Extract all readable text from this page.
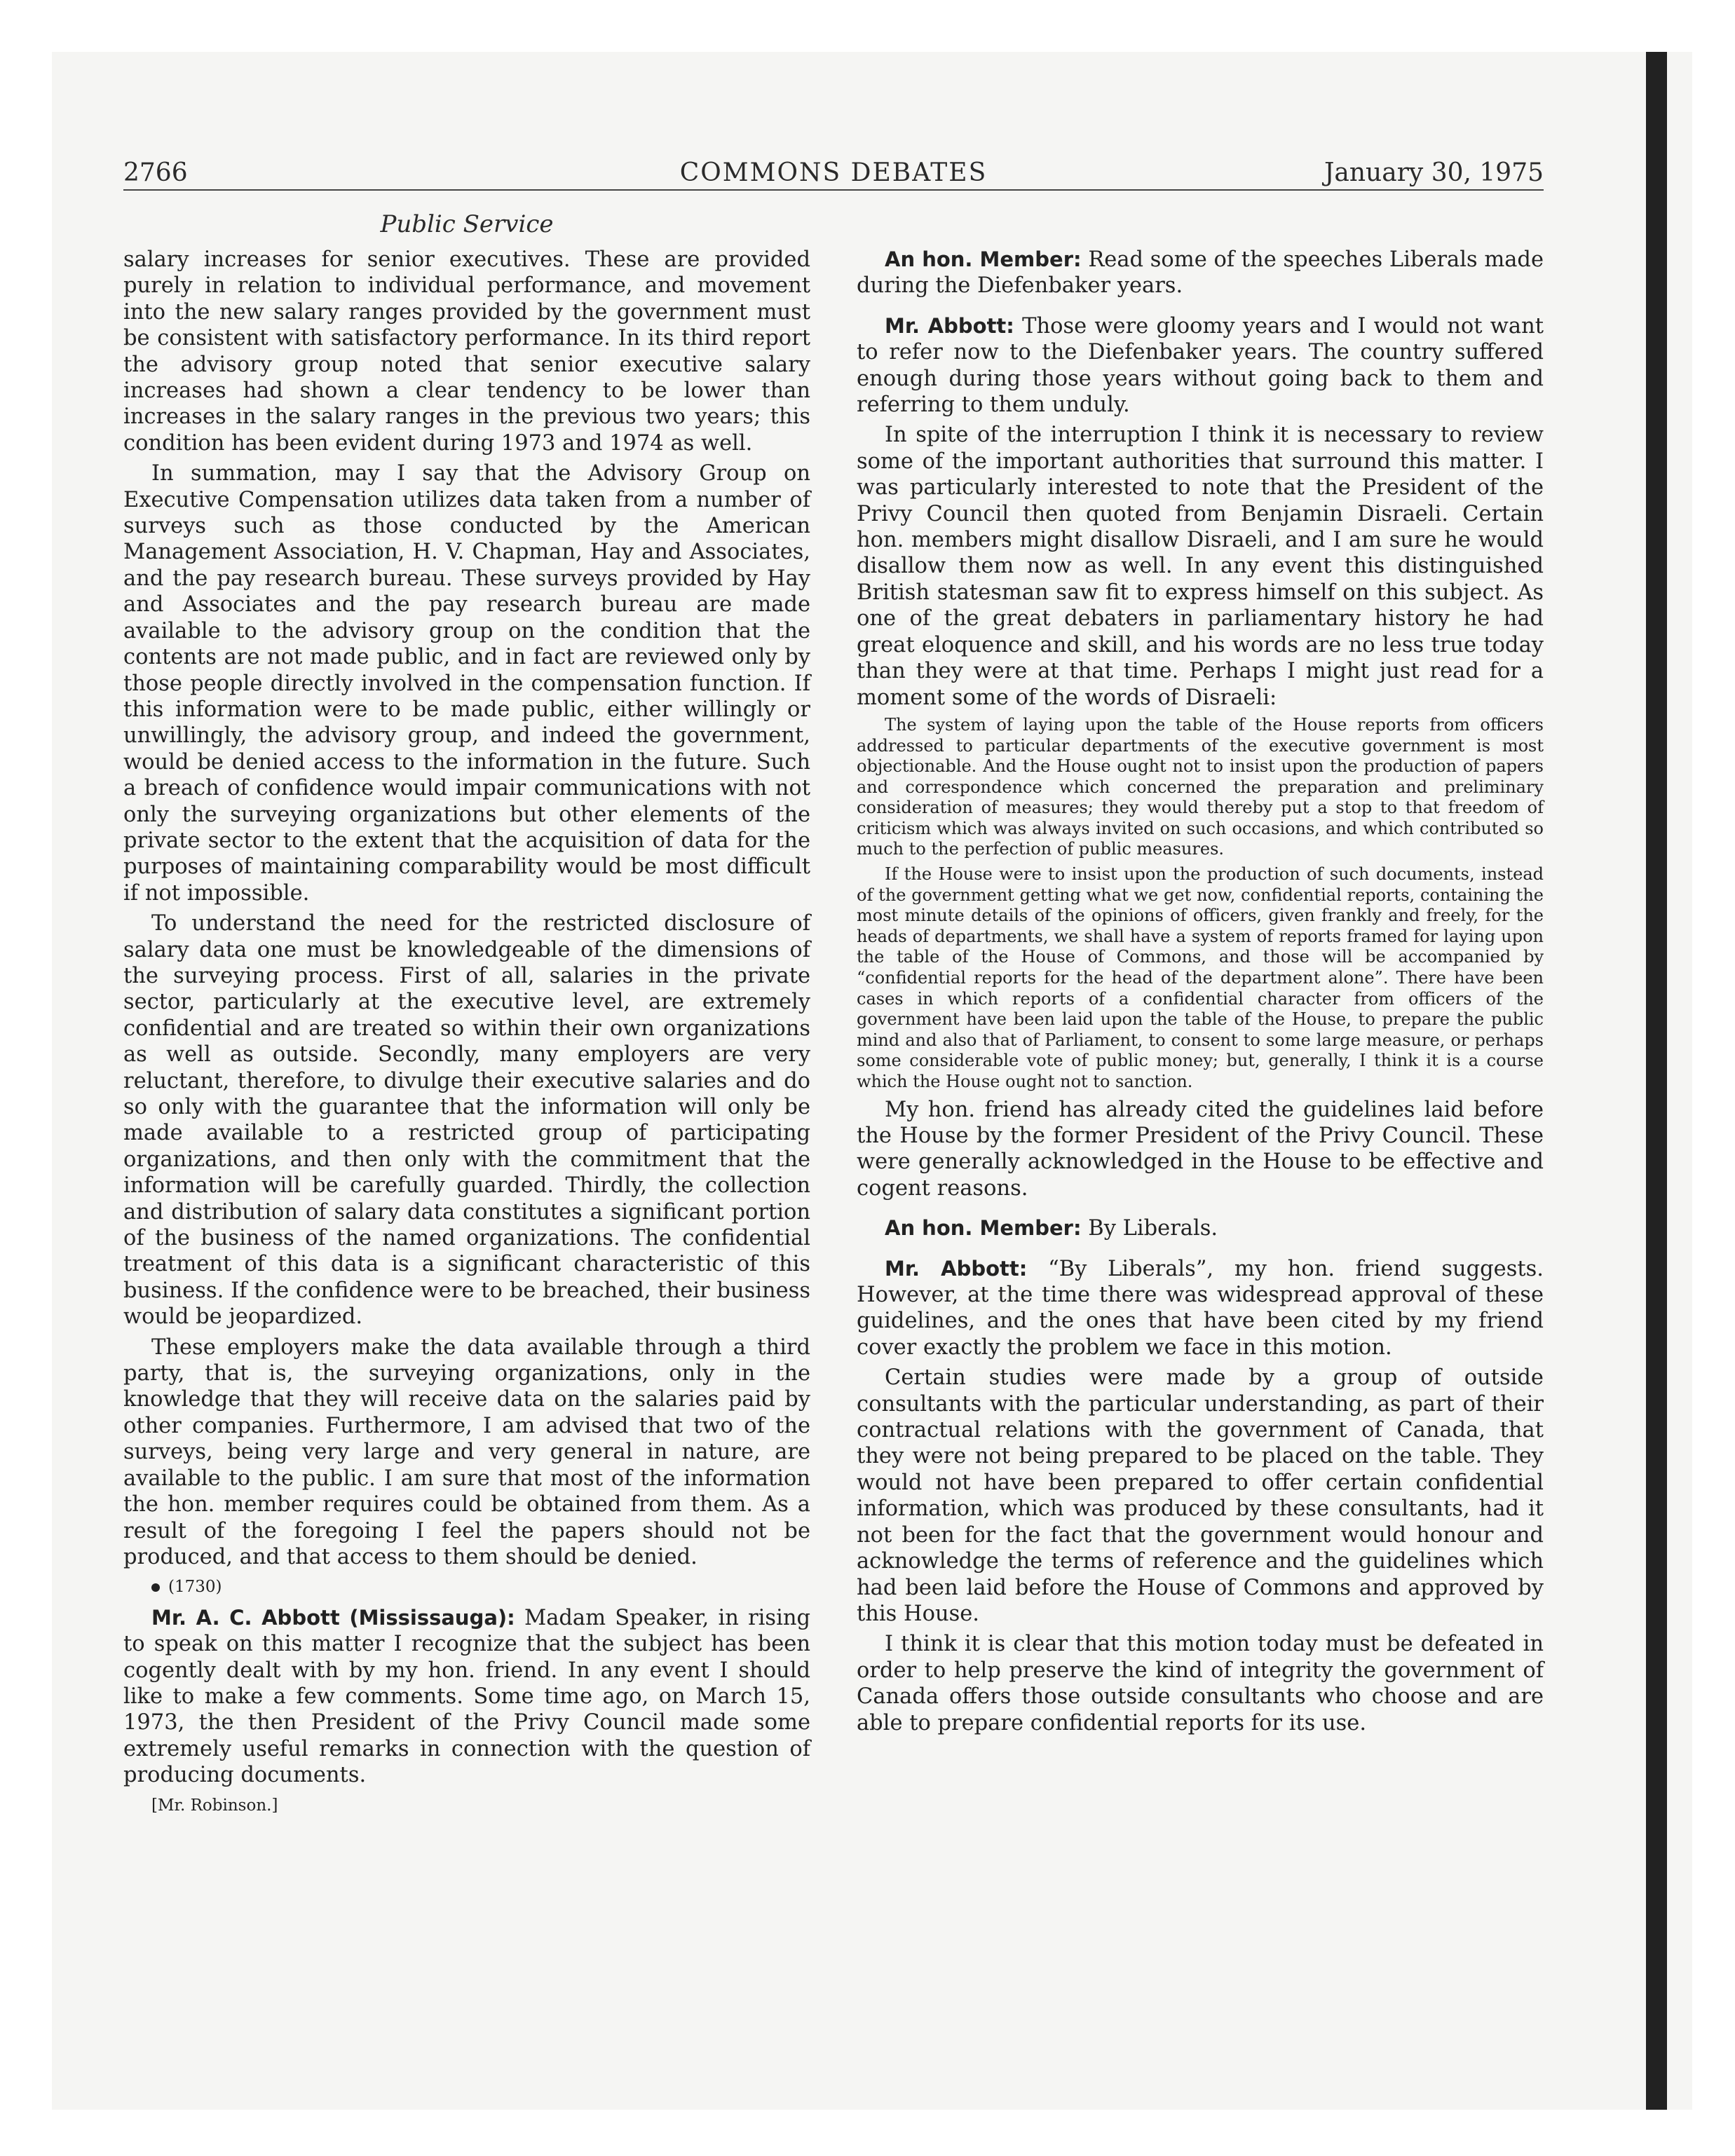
2766	COMMONS DEBATES	January 30, 1975
Public Service

salary increases for senior executives. These are provided purely in relation to individual performance, and movement into the new salary ranges provided by the government must be consistent with satisfactory performance. In its third report the advisory group noted that senior executive salary increases had shown a clear tendency to be lower than increases in the salary ranges in the previous two years; this condition has been evident during 1973 and 1974 as well.

In summation, may I say that the Advisory Group on Executive Compensation utilizes data taken from a number of surveys such as those conducted by the American Management Association, H. V. Chapman, Hay and Associates, and the pay research bureau. These surveys provided by Hay and Associates and the pay research bureau are made available to the advisory group on the condition that the contents are not made public, and in fact are reviewed only by those people directly involved in the compensation function. If this information were to be made public, either willingly or unwillingly, the advisory group, and indeed the government, would be denied access to the information in the future. Such a breach of confidence would impair communications with not only the surveying organizations but other elements of the private sector to the extent that the acquisition of data for the purposes of maintaining comparability would be most difficult if not impossible.

To understand the need for the restricted disclosure of salary data one must be knowledgeable of the dimensions of the surveying process. First of all, salaries in the private sector, particularly at the executive level, are extremely confidential and are treated so within their own organizations as well as outside. Secondly, many employers are very reluctant, therefore, to divulge their executive salaries and do so only with the guarantee that the information will only be made available to a restricted group of participating organizations, and then only with the commitment that the information will be carefully guarded. Thirdly, the collection and distribution of salary data constitutes a significant portion of the business of the named organizations. The confidential treatment of this data is a significant characteristic of this business. If the confidence were to be breached, their business would be jeopardized.

These employers make the data available through a third party, that is, the surveying organizations, only in the knowledge that they will receive data on the salaries paid by other companies. Furthermore, I am advised that two of the surveys, being very large and very general in nature, are available to the public. I am sure that most of the information the hon. member requires could be obtained from them. As a result of the foregoing I feel the papers should not be produced, and that access to them should be denied.

(1730)

Mr. A. C. Abbott (Mississauga): Madam Speaker, in rising to speak on this matter I recognize that the subject has been cogently dealt with by my hon. friend. In any event I should like to make a few comments. Some time ago, on March 15, 1973, the then President of the Privy Council made some extremely useful remarks in connection with the question of producing documents.

[Mr. Robinson.]

An hon. Member: Read some of the speeches Liberals made during the Diefenbaker years.

Mr. Abbott: Those were gloomy years and I would not want to refer now to the Diefenbaker years. The country suffered enough during those years without going back to them and referring to them unduly.

In spite of the interruption I think it is necessary to review some of the important authorities that surround this matter. I was particularly interested to note that the President of the Privy Council then quoted from Benjamin Disraeli. Certain hon. members might disallow Disraeli, and I am sure he would disallow them now as well. In any event this distinguished British statesman saw fit to express himself on this subject. As one of the great debaters in parliamentary history he had great eloquence and skill, and his words are no less true today than they were at that time. Perhaps I might just read for a moment some of the words of Disraeli:

The system of laying upon the table of the House reports from officers addressed to particular departments of the executive government is most objectionable. And the House ought not to insist upon the production of papers and correspondence which concerned the preparation and preliminary consideration of measures; they would thereby put a stop to that freedom of criticism which was always invited on such occasions, and which contributed so much to the perfection of public measures.

If the House were to insist upon the production of such documents, instead of the government getting what we get now, confidential reports, containing the most minute details of the opinions of officers, given frankly and freely, for the heads of departments, we shall have a system of reports framed for laying upon the table of the House of Commons, and those will be accompanied by “confidential reports for the head of the department alone”. There have been cases in which reports of a confidential character from officers of the government have been laid upon the table of the House, to prepare the public mind and also that of Parliament, to consent to some large measure, or perhaps some considerable vote of public money; but, generally, I think it is a course which the House ought not to sanction.

My hon. friend has already cited the guidelines laid before the House by the former President of the Privy Council. These were generally acknowledged in the House to be effective and cogent reasons.

An hon. Member: By Liberals.

Mr. Abbott: “By Liberals”, my hon. friend suggests. However, at the time there was widespread approval of these guidelines, and the ones that have been cited by my friend cover exactly the problem we face in this motion.

Certain studies were made by a group of outside consultants with the particular understanding, as part of their contractual relations with the government of Canada, that they were not being prepared to be placed on the table. They would not have been prepared to offer certain confidential information, which was produced by these consultants, had it not been for the fact that the government would honour and acknowledge the terms of reference and the guidelines which had been laid before the House of Commons and approved by this House.

I think it is clear that this motion today must be defeated in order to help preserve the kind of integrity the government of Canada offers those outside consultants who choose and are able to prepare confidential reports for its use.
